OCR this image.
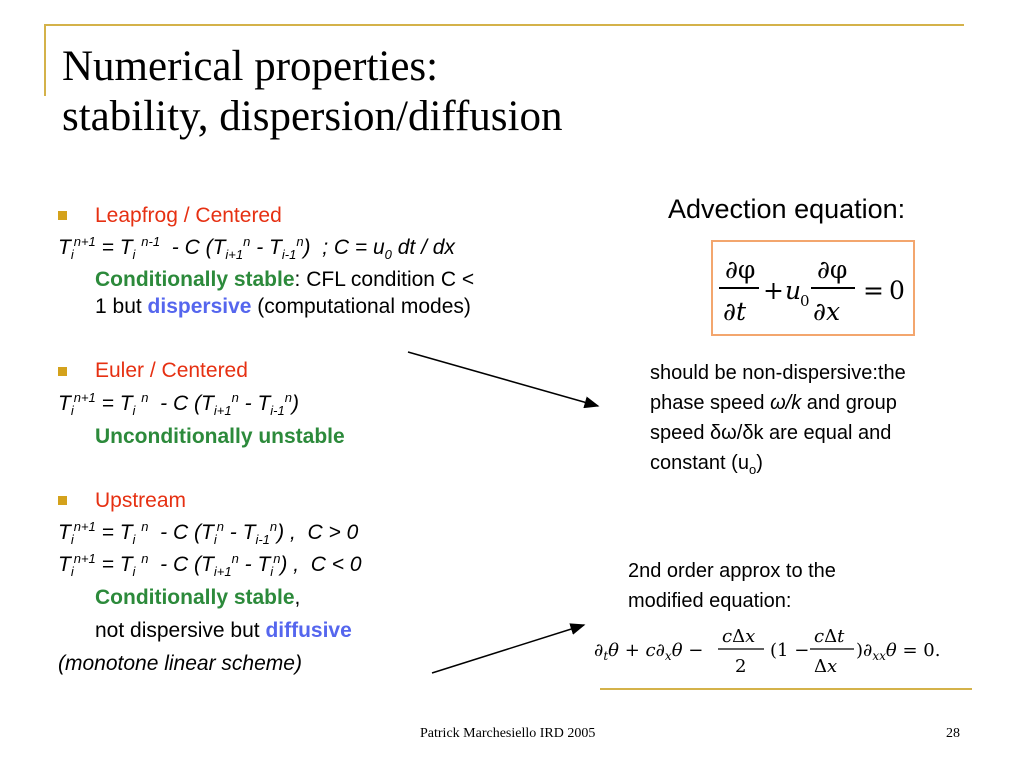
Numerical properties:
stability, dispersion/diffusion
Leapfrog / Centered
$T_i^{n+1} = T_i$ $^{n-1}$  - C $(T_{i+1}^n - T_{i-1}^n)$  ; $C = u_0$ dt / dx
Conditionally stable: CFL condition C <
1 but dispersive (computational modes)
Euler / Centered
$T_i^{n+1} = T_i$ $^n$  - C $(T_{i+1}^n - T_{i-1}^n)$
Unconditionally unstable
Upstream
$T_i^{n+1} = T_i$ $^n$  - C $(T_i^n - T_{i-1}^n)$ ,  C > 0
$T_i^{n+1} = T_i$ $^n$  - C $(T_{i+1}^n - T_i^n)$ ,  C < 0
Conditionally stable,
not dispersive but diffusive
(monotone linear scheme)
Advection equation:
∂φ
∂t
+ u
0
∂φ
∂x
= 0
should be non-dispersive:the
phase speed ω/k and group
speed δω/δk are equal and
constant $(u_o)$
2nd order approx to the
modified equation:
$\partial_t\theta + c\partial_x\theta$ −
cΔx
2
(1 −
cΔt
Δx
)$\partial_{xx}\theta = 0$.
Patrick Marchesiello IRD 2005	28
